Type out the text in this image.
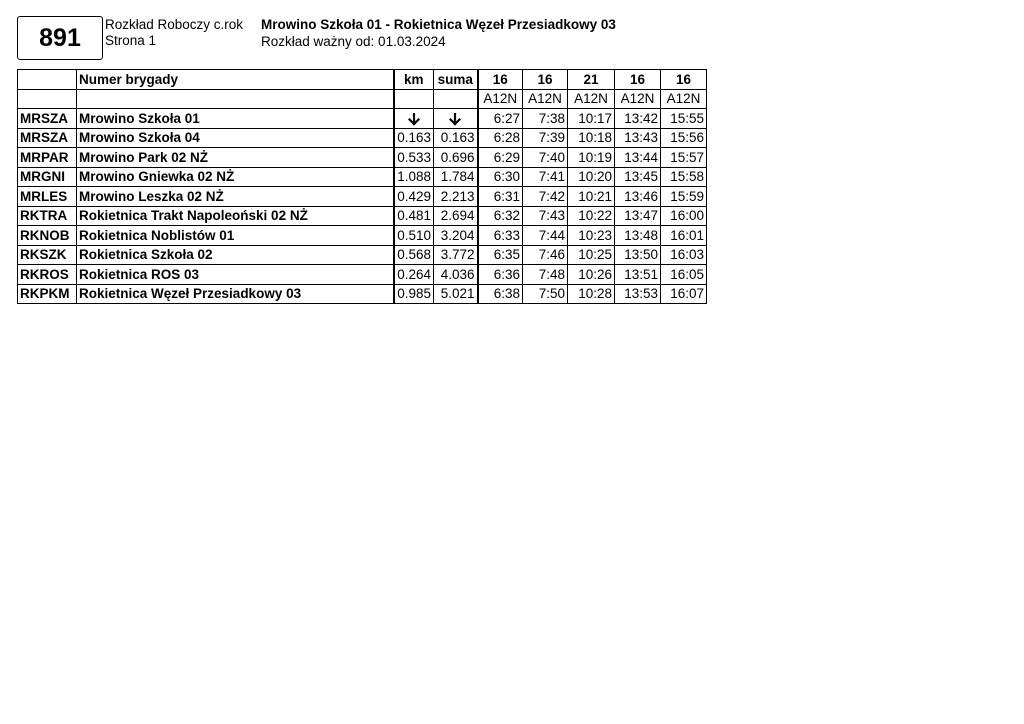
891 Rozkład Roboczy c.rok
Strona 1
Mrowino Szkoła 01 - Rokietnica Węzeł Przesiadkowy 03
Rozkład ważny od: 01.03.2024
	Numer brygady	km	suma	16	16	21	16	16
				A12N	A12N	A12N	A12N	A12N
MRSZA	Mrowino Szkoła 01			6:27	7:38	10:17	13:42	15:55
MRSZA	Mrowino Szkoła 04	0.163	0.163	6:28	7:39	10:18	13:43	15:56
MRPAR	Mrowino Park 02 NŻ	0.533	0.696	6:29	7:40	10:19	13:44	15:57
MRGNI	Mrowino Gniewka 02 NŻ	1.088	1.784	6:30	7:41	10:20	13:45	15:58
MRLES	Mrowino Leszka 02 NŻ	0.429	2.213	6:31	7:42	10:21	13:46	15:59
RKTRA	Rokietnica Trakt Napoleoński 02 NŻ	0.481	2.694	6:32	7:43	10:22	13:47	16:00
RKNOB	Rokietnica Noblistów 01	0.510	3.204	6:33	7:44	10:23	13:48	16:01
RKSZK	Rokietnica Szkoła 02	0.568	3.772	6:35	7:46	10:25	13:50	16:03
RKROS	Rokietnica ROS 03	0.264	4.036	6:36	7:48	10:26	13:51	16:05
RKPKM	Rokietnica Węzeł Przesiadkowy 03	0.985	5.021	6:38	7:50	10:28	13:53	16:07
